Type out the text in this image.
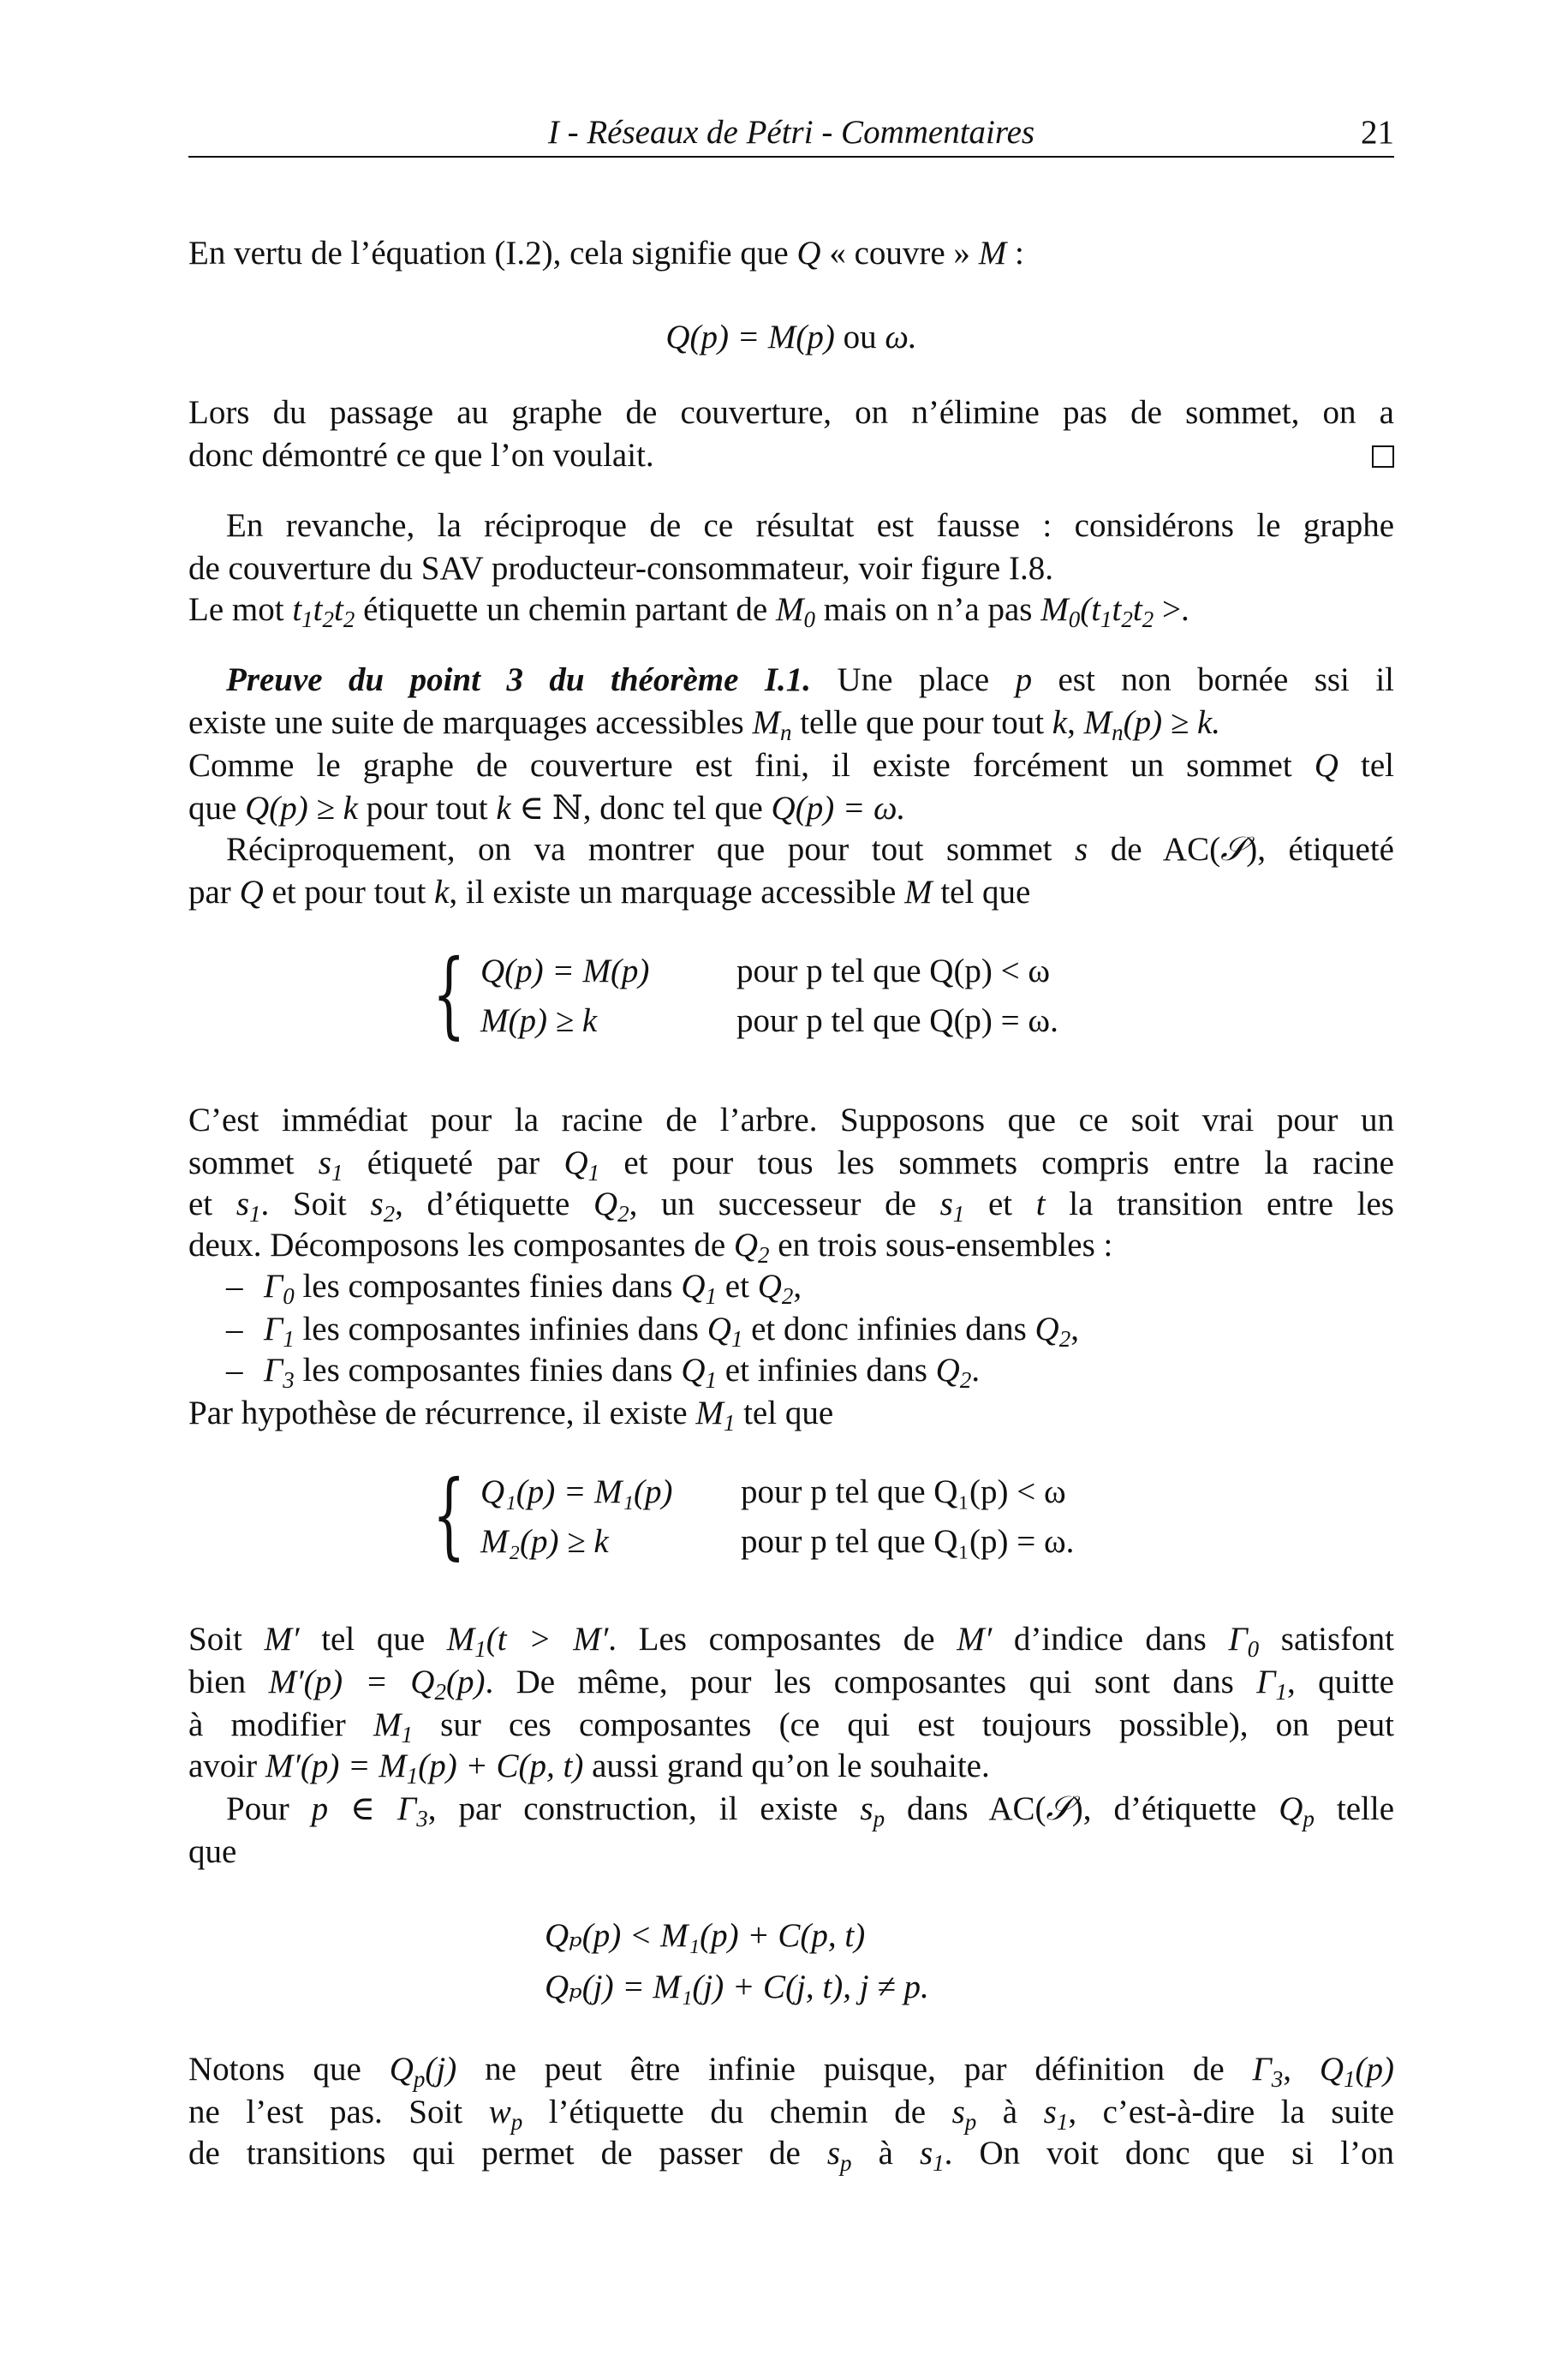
I - Réseaux de Pétri - Commentaires	21
En vertu de l’équation (I.2), cela signifie que Q « couvre » M :
Q(p) = M(p) ou ω.
Lors du passage au graphe de couverture, on n’élimine pas de sommet, on a
donc démontré ce que l’on voulait.
En revanche, la réciproque de ce résultat est fausse : considérons le graphe
de couverture du SAV producteur-consommateur, voir figure I.8.
Le mot $t_1t_2t_2$ étiquette un chemin partant de $M_0$ mais on n’a pas $M_0(t_1t_2t_2$ >.
Preuve du point 3 du théorème I.1. Une place p est non bornée ssi il
existe une suite de marquages accessibles $M_n$ telle que pour tout k, $M_n(p) \ge k$.
Comme le graphe de couverture est fini, il existe forcément un sommet Q tel
que Q(p) ≥ k pour tout k ∈ ℕ, donc tel que Q(p) = ω.
Réciproquement, on va montrer que pour tout sommet s de AC(𝒮), étiqueté
par Q et pour tout k, il existe un marquage accessible M tel que
{ Q(p) = M(p)	pour p tel que Q(p) < ω
M(p) ≥ k	pour p tel que Q(p) = ω.
C’est immédiat pour la racine de l’arbre. Supposons que ce soit vrai pour un
sommet $s_1$ étiqueté par $Q_1$ et pour tous les sommets compris entre la racine
et $s_1$. Soit $s_2$, d’étiquette $Q_2$, un successeur de $s_1$ et t la transition entre les
deux. Décomposons les composantes de $Q_2$ en trois sous-ensembles :
– $\Gamma_0$ les composantes finies dans $Q_1$ et $Q_2$,
– $\Gamma_1$ les composantes infinies dans $Q_1$ et donc infinies dans $Q_2$,
– $\Gamma_3$ les composantes finies dans $Q_1$ et infinies dans $Q_2$.
Par hypothèse de récurrence, il existe $M_1$ tel que
{ Q₁(p) = M₁(p) pour p tel que Q₁(p) < ω
M₂(p) ≥ k	pour p tel que Q₁(p) = ω.
Soit M′ tel que $M_1(t > M'$. Les composantes de M′ d’indice dans $\Gamma_0$ satisfont
bien $M'(p) = Q_2(p)$. De même, pour les composantes qui sont dans $\Gamma_1$, quitte
à modifier $M_1$ sur ces composantes (ce qui est toujours possible), on peut
avoir $M'(p) = M_1(p) + C(p$, t) aussi grand qu’on le souhaite.
Pour p ∈ $\Gamma_3$, par construction, il existe $s_p$ dans AC(𝒮), d’étiquette $Q_p$ telle
que
Qₚ(p) < M₁(p) + C(p, t)
Qₚ(j) = M₁(j) + C(j, t), j ≠ p.
Notons que $Q_p(j)$ ne peut être infinie puisque, par définition de $\Gamma_3$, $Q_1(p)$
ne l’est pas. Soit $w_p$ l’étiquette du chemin de $s_p$ à $s_1$, c’est-à-dire la suite
de transitions qui permet de passer de $s_p$ à $s_1$. On voit donc que si l’on
